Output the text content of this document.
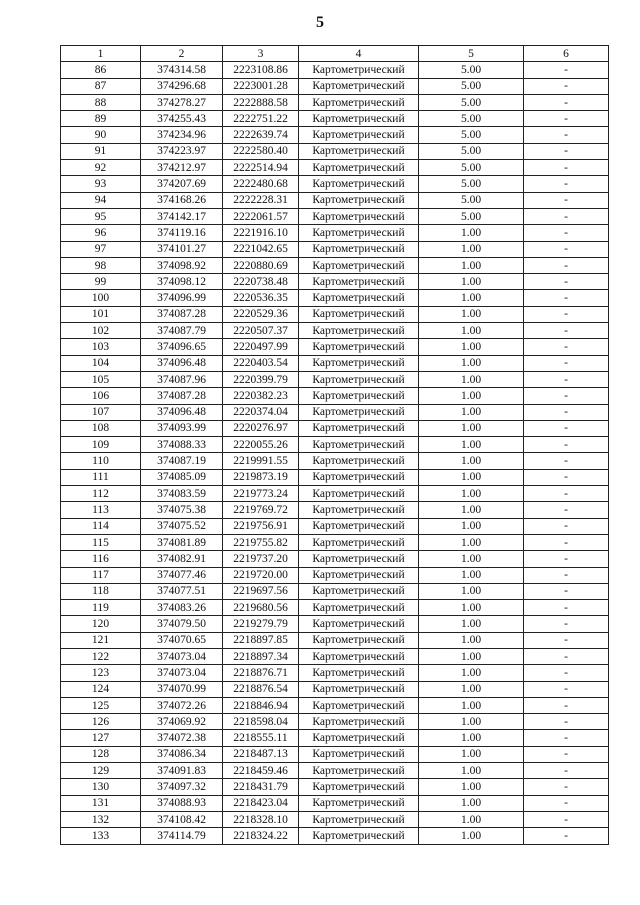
5
1	2	3	4	5	6
86	374314.58	2223108.86	Картометрический	5.00	-
87	374296.68	2223001.28	Картометрический	5.00	-
88	374278.27	2222888.58	Картометрический	5.00	-
89	374255.43	2222751.22	Картометрический	5.00	-
90	374234.96	2222639.74	Картометрический	5.00	-
91	374223.97	2222580.40	Картометрический	5.00	-
92	374212.97	2222514.94	Картометрический	5.00	-
93	374207.69	2222480.68	Картометрический	5.00	-
94	374168.26	2222228.31	Картометрический	5.00	-
95	374142.17	2222061.57	Картометрический	5.00	-
96	374119.16	2221916.10	Картометрический	1.00	-
97	374101.27	2221042.65	Картометрический	1.00	-
98	374098.92	2220880.69	Картометрический	1.00	-
99	374098.12	2220738.48	Картометрический	1.00	-
100	374096.99	2220536.35	Картометрический	1.00	-
101	374087.28	2220529.36	Картометрический	1.00	-
102	374087.79	2220507.37	Картометрический	1.00	-
103	374096.65	2220497.99	Картометрический	1.00	-
104	374096.48	2220403.54	Картометрический	1.00	-
105	374087.96	2220399.79	Картометрический	1.00	-
106	374087.28	2220382.23	Картометрический	1.00	-
107	374096.48	2220374.04	Картометрический	1.00	-
108	374093.99	2220276.97	Картометрический	1.00	-
109	374088.33	2220055.26	Картометрический	1.00	-
110	374087.19	2219991.55	Картометрический	1.00	-
111	374085.09	2219873.19	Картометрический	1.00	-
112	374083.59	2219773.24	Картометрический	1.00	-
113	374075.38	2219769.72	Картометрический	1.00	-
114	374075.52	2219756.91	Картометрический	1.00	-
115	374081.89	2219755.82	Картометрический	1.00	-
116	374082.91	2219737.20	Картометрический	1.00	-
117	374077.46	2219720.00	Картометрический	1.00	-
118	374077.51	2219697.56	Картометрический	1.00	-
119	374083.26	2219680.56	Картометрический	1.00	-
120	374079.50	2219279.79	Картометрический	1.00	-
121	374070.65	2218897.85	Картометрический	1.00	-
122	374073.04	2218897.34	Картометрический	1.00	-
123	374073.04	2218876.71	Картометрический	1.00	-
124	374070.99	2218876.54	Картометрический	1.00	-
125	374072.26	2218846.94	Картометрический	1.00	-
126	374069.92	2218598.04	Картометрический	1.00	-
127	374072.38	2218555.11	Картометрический	1.00	-
128	374086.34	2218487.13	Картометрический	1.00	-
129	374091.83	2218459.46	Картометрический	1.00	-
130	374097.32	2218431.79	Картометрический	1.00	-
131	374088.93	2218423.04	Картометрический	1.00	-
132	374108.42	2218328.10	Картометрический	1.00	-
133	374114.79	2218324.22	Картометрический	1.00	-
